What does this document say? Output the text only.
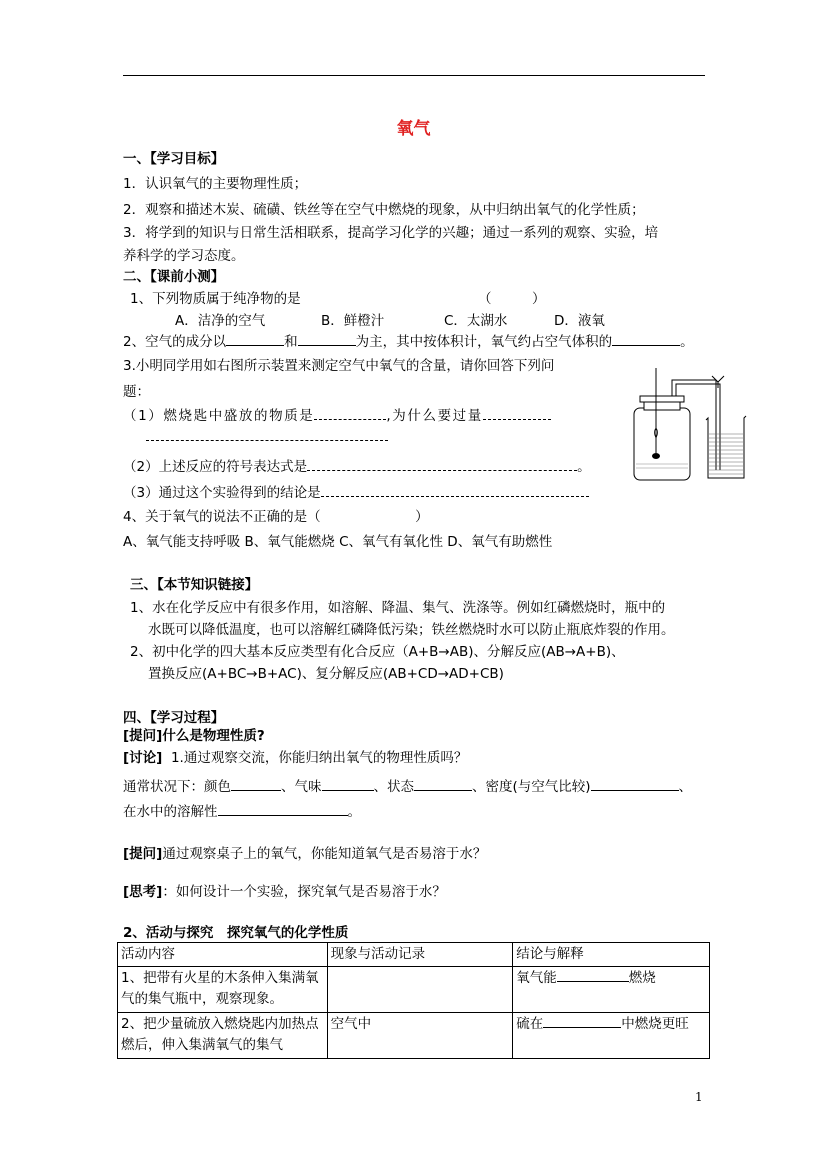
氧气
一、【学习目标】
1．认识氧气的主要物理性质；
2．观察和描述木炭、硫磺、铁丝等在空气中燃烧的现象，从中归纳出氧气的化学性质；
3．将学到的知识与日常生活相联系，提高学习化学的兴趣；通过一系列的观察、实验，培
养科学的学习态度。
二、【课前小测】
1、下列物质属于纯净物的是	（　　　）
A．洁净的空气	B．鲜橙汁	C．太湖水	D．液氧
2、空气的成分以	和	为主，其中按体积计，氧气约占空气体积的	。
3.小明同学用如右图所示装置来测定空气中氧气的含量，请你回答下列问
题：
（1）燃烧匙中盛放的物质是	,为什么要过量
（2）上述反应的符号表达式是	。
（3）通过这个实验得到的结论是
4、关于氧气的说法不正确的是（　　　　　　　）
A、氧气能支持呼吸 B、氧气能燃烧 C、氧气有氧化性 D、氧气有助燃性
三、【本节知识链接】
1、水在化学反应中有很多作用，如溶解、降温、集气、洗涤等。例如红磷燃烧时，瓶中的
水既可以降低温度，也可以溶解红磷降低污染；铁丝燃烧时水可以防止瓶底炸裂的作用。
2、初中化学的四大基本反应类型有化合反应（A+B→AB)、分解反应(AB→A+B)、
置换反应(A+BC→B+AC)、复分解反应(AB+CD→AD+CB)
四、【学习过程】
[提问]什么是物理性质?
[讨论] 1.通过观察交流，你能归纳出氧气的物理性质吗？
通常状况下：颜色	、气味	、状态	、密度(与空气比较)	、
在水中的溶解性	。
[提问]通过观察桌子上的氧气，你能知道氧气是否易溶于水？
[思考]：如何设计一个实验，探究氧气是否易溶于水？
2、活动与探究　探究氧气的化学性质
活动内容	现象与活动记录	结论与解释
1、把带有火星的木条伸入集满氧气的集气瓶中，观察现象。		氧气能 燃烧
2、把少量硫放入燃烧匙内加热点燃后，伸入集满氧气的集气	空气中	硫在 中燃烧更旺
1
